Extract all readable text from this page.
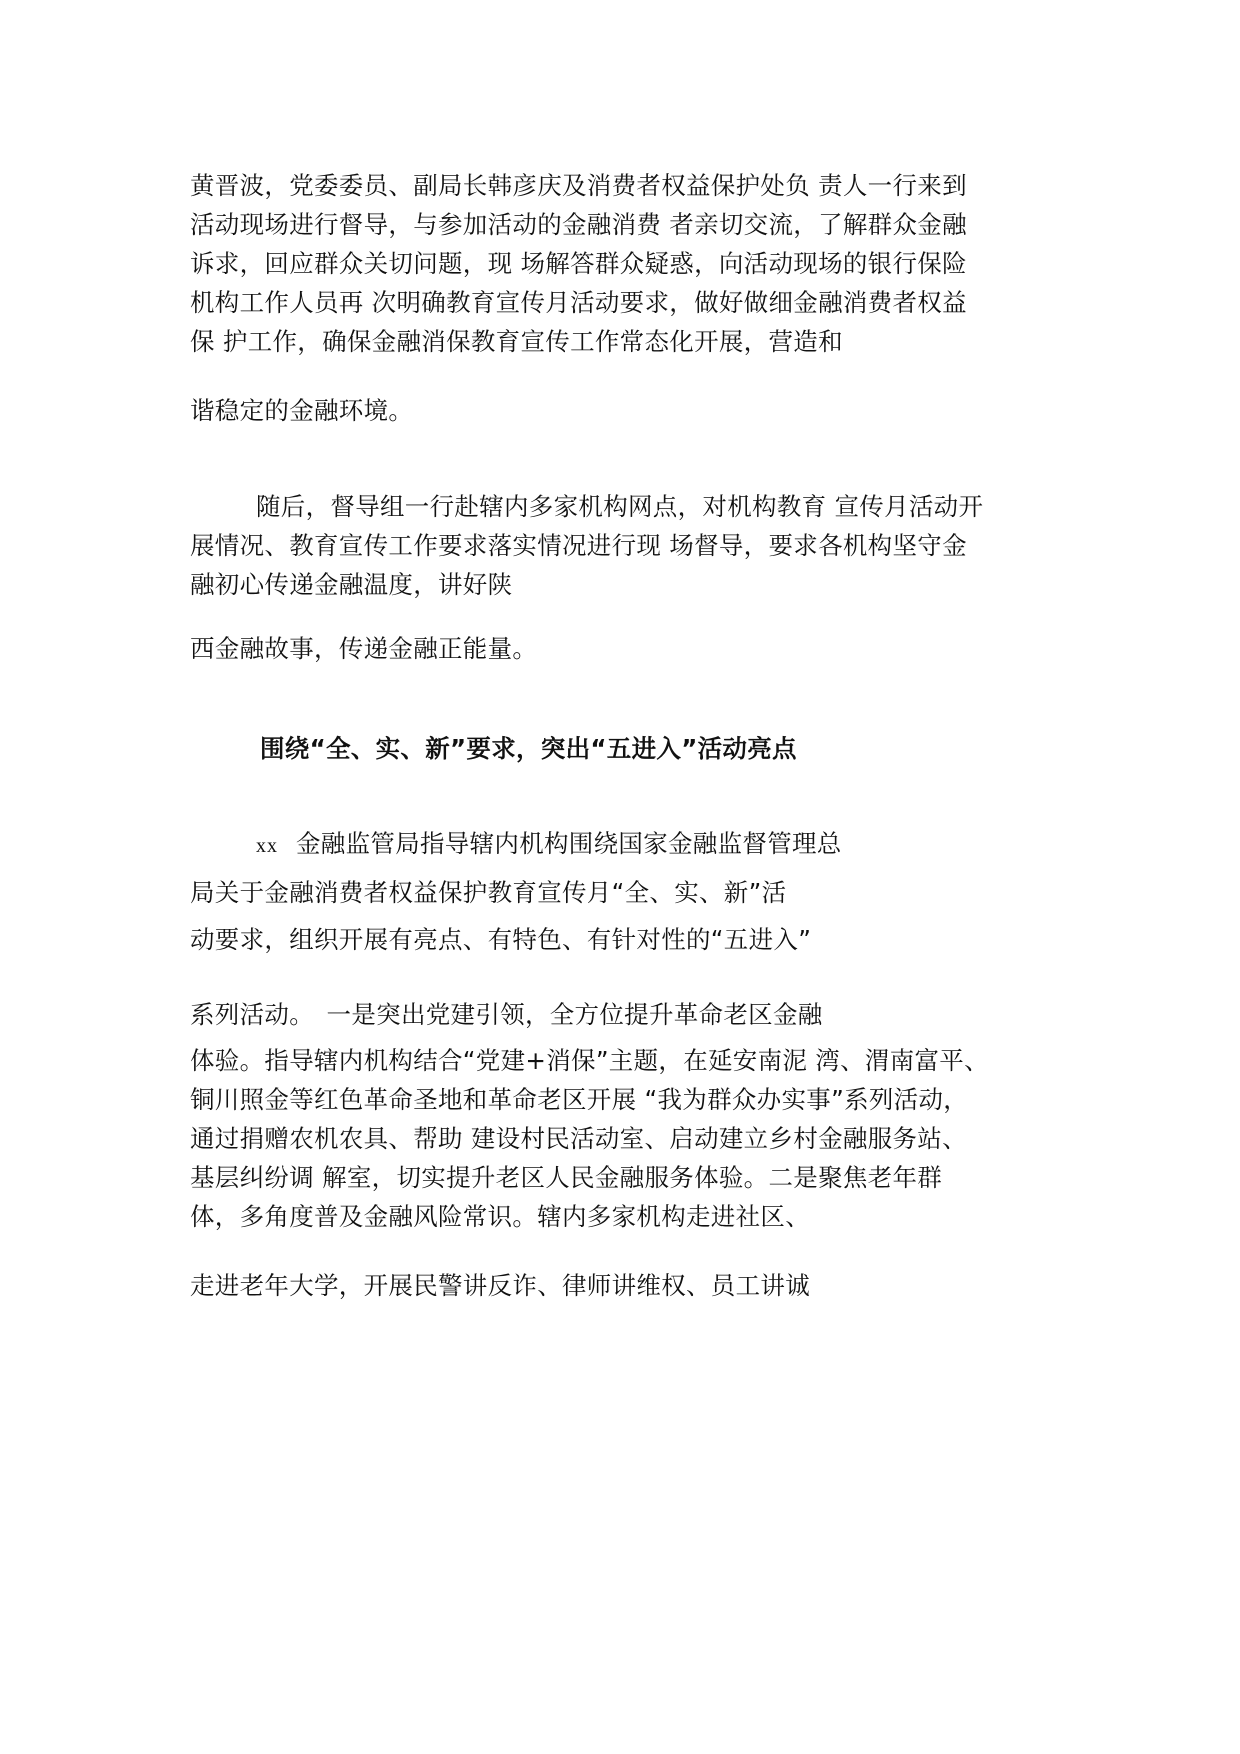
黄晋波，党委委员、副局长韩彦庆及消费者权益保护处负 责人一行来到
活动现场进行督导，与参加活动的金融消费 者亲切交流，了解群众金融
诉求，回应群众关切问题，现 场解答群众疑惑，向活动现场的银行保险
机构工作人员再 次明确教育宣传月活动要求，做好做细金融消费者权益
保 护工作，确保金融消保教育宣传工作常态化开展，营造和
谐稳定的金融环境。
随后，督导组一行赴辖内多家机构网点，对机构教育 宣传月活动开
展情况、教育宣传工作要求落实情况进行现 场督导，要求各机构坚守金
融初心传递金融温度，讲好陕
西金融故事，传递金融正能量。
围绕“全、实、新”要求，突出“五进入”活动亮点
xx 金融监管局指导辖内机构围绕国家金融监督管理总
局关于金融消费者权益保护教育宣传月“全、实、新”活
动要求，组织开展有亮点、有特色、有针对性的“五进入”
系列活动。　一是突出党建引领，全方位提升革命老区金融
体验。指导辖内机构结合“党建+消保”主题，在延安南泥 湾、渭南富平、
铜川照金等红色革命圣地和革命老区开展 “我为群众办实事”系列活动，
通过捐赠农机农具、帮助 建设村民活动室、启动建立乡村金融服务站、
基层纠纷调 解室，切实提升老区人民金融服务体验。二是聚焦老年群
体，多角度普及金融风险常识。辖内多家机构走进社区、
走进老年大学，开展民警讲反诈、律师讲维权、员工讲诚
